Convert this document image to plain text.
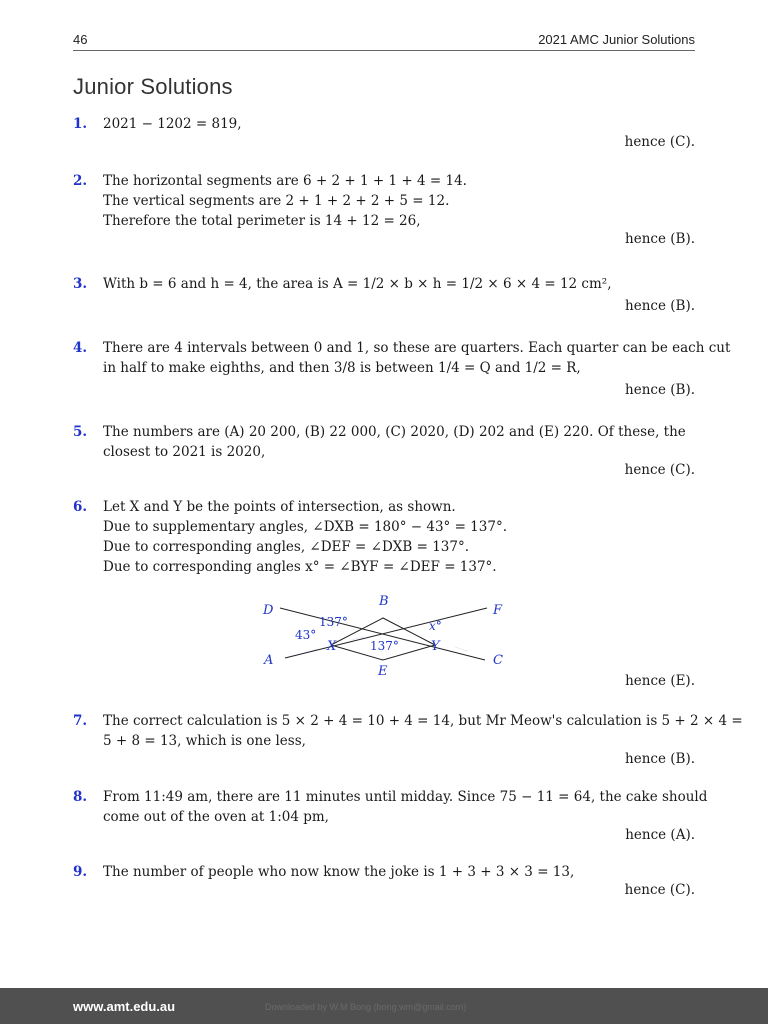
46	2021 AMC Junior Solutions
Junior Solutions
1. 2021 − 1202 = 819,
hence (C).
2. The horizontal segments are 6 + 2 + 1 + 1 + 4 = 14.
The vertical segments are 2 + 1 + 2 + 2 + 5 = 12.
Therefore the total perimeter is 14 + 12 = 26,
hence (B).
3. With b = 6 and h = 4, the area is A = 1/2 × b × h = 1/2 × 6 × 4 = 12 cm²,
hence (B).
4. There are 4 intervals between 0 and 1, so these are quarters. Each quarter can be each cut
in half to make eighths, and then 3/8 is between 1/4 = Q and 1/2 = R,
hence (B).
5. The numbers are (A) 20 200, (B) 22 000, (C) 2020, (D) 202 and (E) 220. Of these, the
closest to 2021 is 2020,
hence (C).
6. Let X and Y be the points of intersection, as shown.
Due to supplementary angles, ∠DXB = 180° − 43° = 137°.
Due to corresponding angles, ∠DEF = ∠DXB = 137°.
Due to corresponding angles x° = ∠BYF = ∠DEF = 137°.
hence (E).
7. The correct calculation is 5 × 2 + 4 = 10 + 4 = 14, but Mr Meow's calculation is 5 + 2 × 4 =
5 + 8 = 13, which is one less,
hence (B).
8. From 11:49 am, there are 11 minutes until midday. Since 75 − 11 = 64, the cake should
come out of the oven at 1:04 pm,
hence (A).
9. The number of people who now know the joke is 1 + 3 + 3 × 3 = 13,
hence (C).
D
B
F
A
X
E
Y
C
137°
43°
137°
x°
www.amt.edu.au	Downloaded by W.M Bong (bong.wm@gmail.com)
